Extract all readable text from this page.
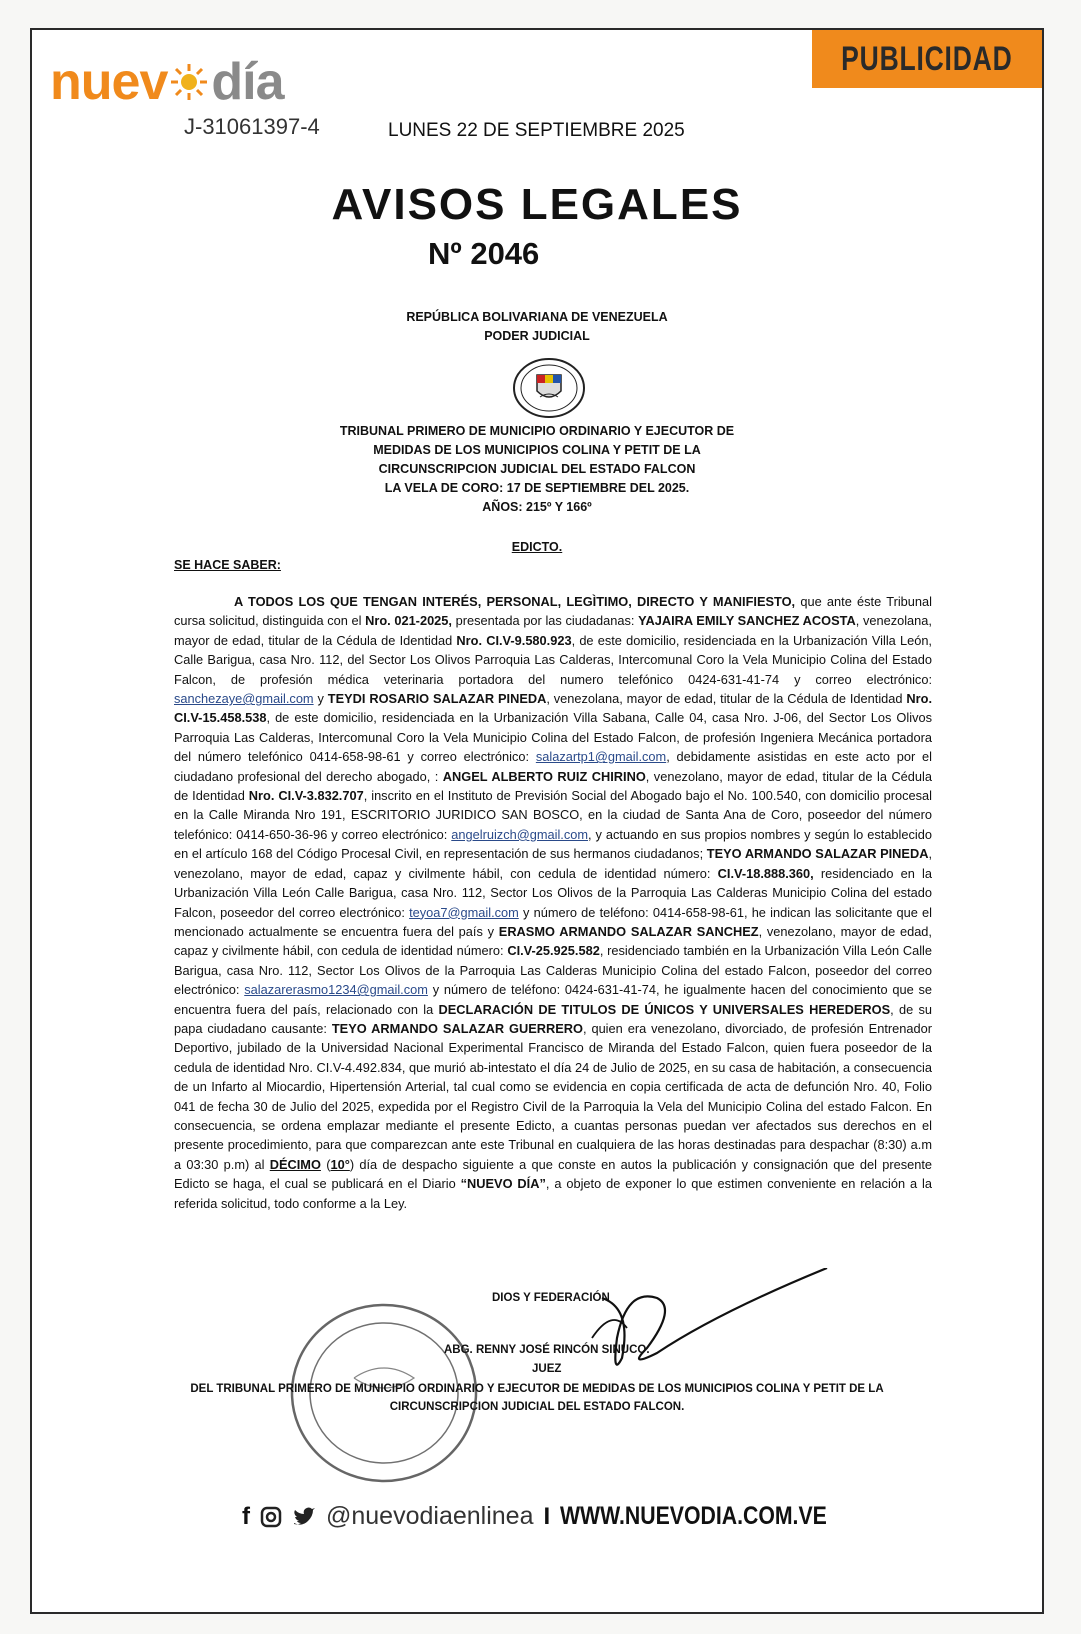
nuev día
J-31061397-4	LUNES 22 DE SEPTIEMBRE 2025
PUBLICIDAD
AVISOS LEGALES
Nº 2046
REPÚBLICA BOLIVARIANA DE VENEZUELA
PODER JUDICIAL
TRIBUNAL PRIMERO DE MUNICIPIO ORDINARIO Y EJECUTOR DE
MEDIDAS DE LOS MUNICIPIOS COLINA Y PETIT DE LA
CIRCUNSCRIPCION JUDICIAL DEL ESTADO FALCON
LA VELA DE CORO: 17 DE SEPTIEMBRE DEL 2025.
AÑOS: 215º Y 166º
EDICTO.
SE HACE SABER:

A TODOS LOS QUE TENGAN INTERÉS, PERSONAL, LEGÌTIMO, DIRECTO Y MANIFIESTO, que ante éste Tribunal cursa solicitud, distinguida con el Nro. 021-2025, presentada por las ciudadanas: YAJAIRA EMILY SANCHEZ ACOSTA, venezolana, mayor de edad, titular de la Cédula de Identidad Nro. CI.V-9.580.923, de este domicilio, residenciada en la Urbanización Villa León, Calle Barigua, casa Nro. 112, del Sector Los Olivos Parroquia Las Calderas, Intercomunal Coro la Vela Municipio Colina del Estado Falcon, de profesión médica veterinaria portadora del numero telefónico 0424-631-41-74 y correo electrónico: sanchezaye@gmail.com y TEYDI ROSARIO SALAZAR PINEDA, venezolana, mayor de edad, titular de la Cédula de Identidad Nro. CI.V-15.458.538, de este domicilio, residenciada en la Urbanización Villa Sabana, Calle 04, casa Nro. J-06, del Sector Los Olivos Parroquia Las Calderas, Intercomunal Coro la Vela Municipio Colina del Estado Falcon, de profesión Ingeniera Mecánica portadora del número telefónico 0414-658-98-61 y correo electrónico: salazartp1@gmail.com, debidamente asistidas en este acto por el ciudadano profesional del derecho abogado, : ANGEL ALBERTO RUIZ CHIRINO, venezolano, mayor de edad, titular de la Cédula de Identidad Nro. CI.V-3.832.707, inscrito en el Instituto de Previsión Social del Abogado bajo el No. 100.540, con domicilio procesal en la Calle Miranda Nro 191, ESCRITORIO JURIDICO SAN BOSCO, en la ciudad de Santa Ana de Coro, poseedor del número telefónico: 0414-650-36-96 y correo electrónico: angelruizch@gmail.com, y actuando en sus propios nombres y según lo establecido en el artículo 168 del Código Procesal Civil, en representación de sus hermanos ciudadanos; TEYO ARMANDO SALAZAR PINEDA, venezolano, mayor de edad, capaz y civilmente hábil, con cedula de identidad número: CI.V-18.888.360, residenciado en la Urbanización Villa León Calle Barigua, casa Nro. 112, Sector Los Olivos de la Parroquia Las Calderas Municipio Colina del estado Falcon, poseedor del correo electrónico: teyoa7@gmail.com y número de teléfono: 0414-658-98-61, he indican las solicitante que el mencionado actualmente se encuentra fuera del país y ERASMO ARMANDO SALAZAR SANCHEZ, venezolano, mayor de edad, capaz y civilmente hábil, con cedula de identidad número: CI.V-25.925.582, residenciado también en la Urbanización Villa León Calle Barigua, casa Nro. 112, Sector Los Olivos de la Parroquia Las Calderas Municipio Colina del estado Falcon, poseedor del correo electrónico: salazarerasmo1234@gmail.com y número de teléfono: 0424-631-41-74, he igualmente hacen del conocimiento que se encuentra fuera del país, relacionado con la DECLARACIÓN DE TITULOS DE ÚNICOS Y UNIVERSALES HEREDEROS, de su papa ciudadano causante: TEYO ARMANDO SALAZAR GUERRERO, quien era venezolano, divorciado, de profesión Entrenador Deportivo, jubilado de la Universidad Nacional Experimental Francisco de Miranda del Estado Falcon, quien fuera poseedor de la cedula de identidad Nro. CI.V-4.492.834, que murió ab-intestato el día 24 de Julio de 2025, en su casa de habitación, a consecuencia de un Infarto al Miocardio, Hipertensión Arterial, tal cual como se evidencia en copia certificada de acta de defunción Nro. 40, Folio 041 de fecha 30 de Julio del 2025, expedida por el Registro Civil de la Parroquia la Vela del Municipio Colina del estado Falcon. En consecuencia, se ordena emplazar mediante el presente Edicto, a cuantas personas puedan ver afectados sus derechos en el presente procedimiento, para que comparezcan ante este Tribunal en cualquiera de las horas destinadas para despachar (8:30) a.m a 03:30 p.m) al DÉCIMO (10°) día de despacho siguiente a que conste en autos la publicación y consignación que del presente Edicto se haga, el cual se publicará en el Diario “NUEVO DÍA”, a objeto de exponer lo que estimen conveniente en relación a la referida solicitud, todo conforme a la Ley.

DIOS Y FEDERACIÓN
ABG. RENNY JOSÉ RINCÓN SINUCO.
JUEZ
DEL TRIBUNAL PRIMERO DE MUNICIPIO ORDINARIO Y EJECUTOR DE MEDIDAS DE LOS MUNICIPIOS COLINA Y PETIT DE LA
CIRCUNSCRIPCION JUDICIAL DEL ESTADO FALCON.
f	@nuevodiaenlinea I WWW.NUEVODIA.COM.VE
